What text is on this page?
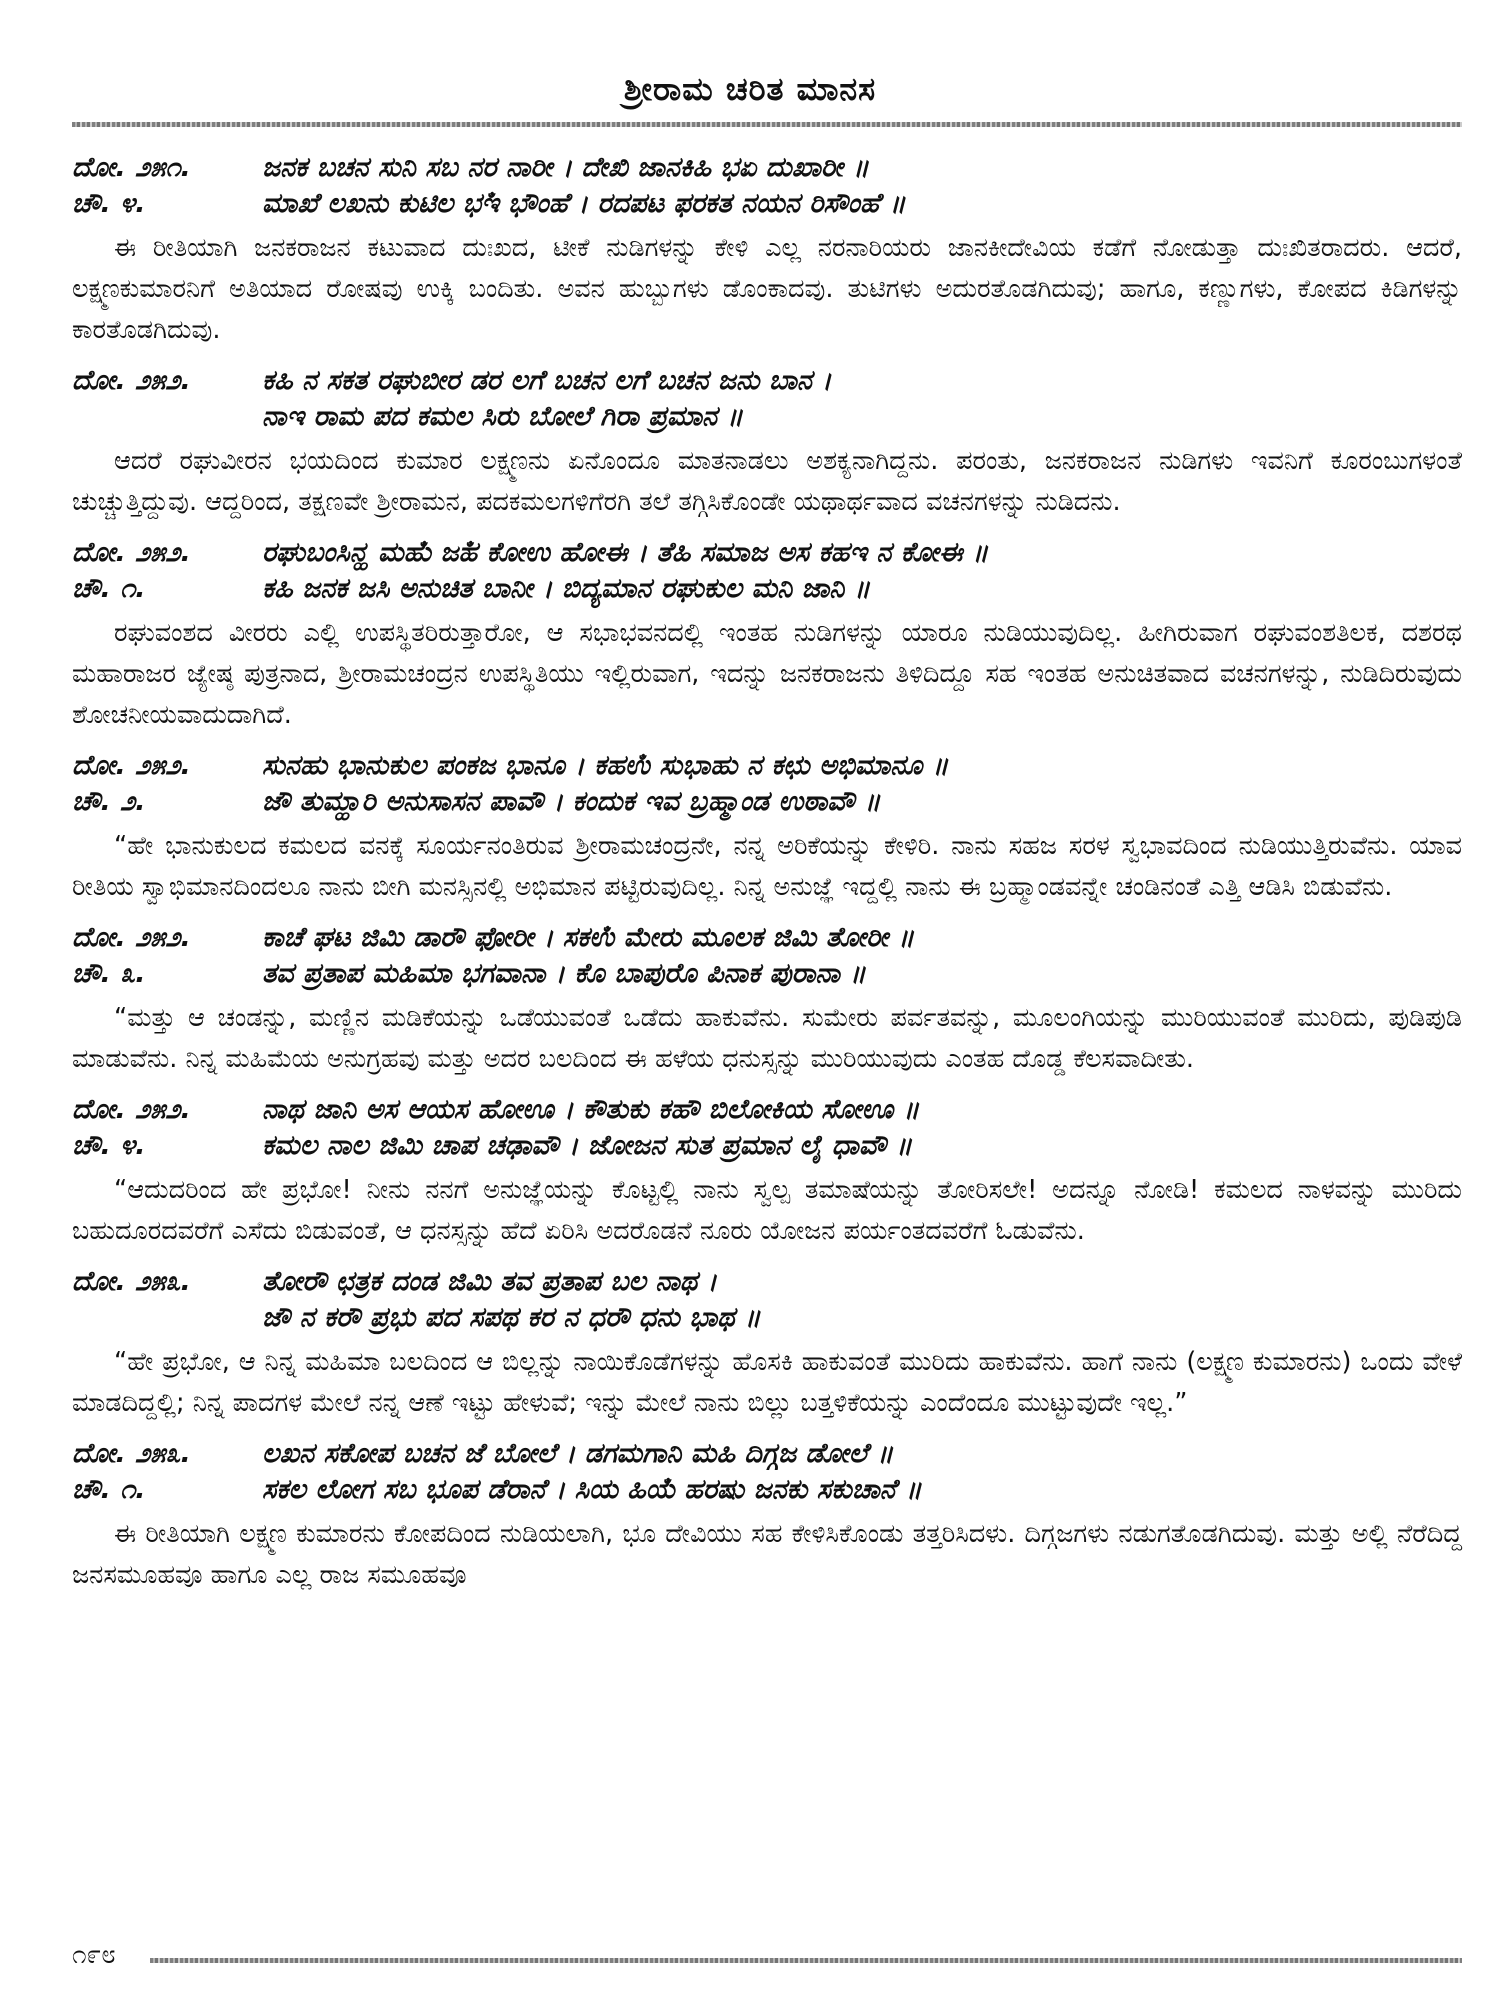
ಶ್ರೀರಾಮ ಚರಿತ ಮಾನಸ
ದೋ. ೨೫೧.	ಜನಕ ಬಚನ ಸುನಿ ಸಬ ನರ ನಾರೀ । ದೇಖಿ ಜಾನಕಿಹಿ ಭಏ ದುಖಾರೀ ॥
ಚೌ. ೪.	ಮಾಖೆ ಲಖನು ಕುಟಿಲ ಭಇಁ ಭೌಂಹೆ । ರದಪಟ ಫರಕತ ನಯನ ರಿಸೌಂಹೆ ॥

ಈ ರೀತಿಯಾಗಿ ಜನಕರಾಜನ ಕಟುವಾದ ದುಃಖದ, ಟೀಕೆ ನುಡಿಗಳನ್ನು ಕೇಳಿ ಎಲ್ಲ ನರನಾರಿಯರು ಜಾನಕೀದೇವಿಯ ಕಡೆಗೆ ನೋಡುತ್ತಾ ದುಃಖಿತರಾದರು. ಆದರೆ, ಲಕ್ಷ್ಮಣಕುಮಾರನಿಗೆ ಅತಿಯಾದ ರೋಷವು ಉಕ್ಕಿ ಬಂದಿತು. ಅವನ ಹುಬ್ಬುಗಳು ಡೊಂಕಾದವು. ತುಟಿಗಳು ಅದುರತೊಡಗಿದುವು; ಹಾಗೂ, ಕಣ್ಣುಗಳು, ಕೋಪದ ಕಿಡಿಗಳನ್ನು ಕಾರತೊಡಗಿದುವು.

ದೋ. ೨೫೨.	ಕಹಿ ನ ಸಕತ ರಘುಬೀರ ಡರ ಲಗೆ ಬಚನ ಲಗೆ ಬಚನ ಜನು ಬಾನ ।
ನಾಇ ರಾಮ ಪದ ಕಮಲ ಸಿರು ಬೋಲೆ ಗಿರಾ ಪ್ರಮಾನ ॥

ಆದರೆ ರಘುವೀರನ ಭಯದಿಂದ ಕುಮಾರ ಲಕ್ಷ್ಮಣನು ಏನೊಂದೂ ಮಾತನಾಡಲು ಅಶಕ್ಯನಾಗಿದ್ದನು. ಪರಂತು, ಜನಕರಾಜನ ನುಡಿಗಳು ಇವನಿಗೆ ಕೂರಂಬುಗಳಂತೆ ಚುಚ್ಚುತ್ತಿದ್ದುವು. ಆದ್ದರಿಂದ, ತಕ್ಷಣವೇ ಶ್ರೀರಾಮನ, ಪದಕಮಲಗಳಿಗೆರಗಿ ತಲೆ ತಗ್ಗಿಸಿಕೊಂಡೇ ಯಥಾರ್ಥವಾದ ವಚನಗಳನ್ನು ನುಡಿದನು.

ದೋ. ೨೫೨.	ರಘುಬಂಸಿನ್ಹ ಮಹುಁ ಜಹಁ ಕೋಉ ಹೋಈ । ತೆಹಿ ಸಮಾಜ ಅಸ ಕಹಇ ನ ಕೋಈ ॥
ಚೌ. ೧.	ಕಹಿ ಜನಕ ಜಸಿ ಅನುಚಿತ ಬಾನೀ । ಬಿದ್ಯಮಾನ ರಘುಕುಲ ಮನಿ ಜಾನಿ ॥

ರಘುವಂಶದ ವೀರರು ಎಲ್ಲಿ ಉಪಸ್ಥಿತರಿರುತ್ತಾರೋ, ಆ ಸಭಾಭವನದಲ್ಲಿ ಇಂತಹ ನುಡಿಗಳನ್ನು ಯಾರೂ ನುಡಿಯುವುದಿಲ್ಲ. ಹೀಗಿರುವಾಗ ರಘುವಂಶತಿಲಕ, ದಶರಥ ಮಹಾರಾಜರ ಜ್ಯೇಷ್ಠ ಪುತ್ರನಾದ, ಶ್ರೀರಾಮಚಂದ್ರನ ಉಪಸ್ಥಿತಿಯು ಇಲ್ಲಿರುವಾಗ, ಇದನ್ನು ಜನಕರಾಜನು ತಿಳಿದಿದ್ದೂ ಸಹ ಇಂತಹ ಅನುಚಿತವಾದ ವಚನಗಳನ್ನು, ನುಡಿದಿರುವುದು ಶೋಚನೀಯವಾದುದಾಗಿದೆ.

ದೋ. ೨೫೨.	ಸುನಹು ಭಾನುಕುಲ ಪಂಕಜ ಭಾನೂ । ಕಹಉಁ ಸುಭಾಹು ನ ಕಛು ಅಭಿಮಾನೂ ॥
ಚೌ. ೨.	ಜೌ ತುಮ್ಹಾರಿ ಅನುಸಾಸನ ಪಾವೌ । ಕಂದುಕ ಇವ ಬ್ರಹ್ಮಾಂಡ ಉಠಾವೌ ॥

“ಹೇ ಭಾನುಕುಲದ ಕಮಲದ ವನಕ್ಕೆ ಸೂರ್ಯನಂತಿರುವ ಶ್ರೀರಾಮಚಂದ್ರನೇ, ನನ್ನ ಅರಿಕೆಯನ್ನು ಕೇಳಿರಿ. ನಾನು ಸಹಜ ಸರಳ ಸ್ವಭಾವದಿಂದ ನುಡಿಯುತ್ತಿರುವೆನು. ಯಾವ ರೀತಿಯ ಸ್ವಾಭಿಮಾನದಿಂದಲೂ ನಾನು ಬೀಗಿ ಮನಸ್ಸಿನಲ್ಲಿ ಅಭಿಮಾನ ಪಟ್ಟಿರುವುದಿಲ್ಲ. ನಿನ್ನ ಅನುಜ್ಞೆ ಇದ್ದಲ್ಲಿ ನಾನು ಈ ಬ್ರಹ್ಮಾಂಡವನ್ನೇ ಚಂಡಿನಂತೆ ಎತ್ತಿ ಆಡಿಸಿ ಬಿಡುವೆನು.

ದೋ. ೨೫೨.	ಕಾಚೆ ಘಟ ಜಿಮಿ ಡಾರೌ ಫೋರೀ । ಸಕಉಁ ಮೇರು ಮೂಲಕ ಜಿಮಿ ತೋರೀ ॥
ಚೌ. ೩.	ತವ ಪ್ರತಾಪ ಮಹಿಮಾ ಭಗವಾನಾ । ಕೊ ಬಾಪುರೊ ಪಿನಾಕ ಪುರಾನಾ ॥

“ಮತ್ತು ಆ ಚಂಡನ್ನು, ಮಣ್ಣಿನ ಮಡಿಕೆಯನ್ನು ಒಡೆಯುವಂತೆ ಒಡೆದು ಹಾಕುವೆನು. ಸುಮೇರು ಪರ್ವತವನ್ನು, ಮೂಲಂಗಿಯನ್ನು ಮುರಿಯುವಂತೆ ಮುರಿದು, ಪುಡಿಪುಡಿ ಮಾಡುವೆನು. ನಿನ್ನ ಮಹಿಮೆಯ ಅನುಗ್ರಹವು ಮತ್ತು ಅದರ ಬಲದಿಂದ ಈ ಹಳೆಯ ಧನುಸ್ಸನ್ನು ಮುರಿಯುವುದು ಎಂತಹ ದೊಡ್ಡ ಕೆಲಸವಾದೀತು.

ದೋ. ೨೫೨.	ನಾಥ ಜಾನಿ ಅಸ ಆಯಸ ಹೋಊ । ಕೌತುಕು ಕಹೌ ಬಿಲೋಕಿಯ ಸೋಊ ॥
ಚೌ. ೪.	ಕಮಲ ನಾಲ ಜಿಮಿ ಚಾಪ ಚಢಾವೌ । ಜೋಜನ ಸುತ ಪ್ರಮಾನ ಲೈ ಧಾವೌ ॥

“ಆದುದರಿಂದ ಹೇ ಪ್ರಭೋ! ನೀನು ನನಗೆ ಅನುಜ್ಞೆಯನ್ನು ಕೊಟ್ಟಲ್ಲಿ ನಾನು ಸ್ವಲ್ಪ ತಮಾಷೆಯನ್ನು ತೋರಿಸಲೇ! ಅದನ್ನೂ ನೋಡಿ! ಕಮಲದ ನಾಳವನ್ನು ಮುರಿದು ಬಹುದೂರದವರೆಗೆ ಎಸೆದು ಬಿಡುವಂತೆ, ಆ ಧನಸ್ಸನ್ನು ಹೆದೆ ಏರಿಸಿ ಅದರೊಡನೆ ನೂರು ಯೋಜನ ಪರ್ಯಂತದವರೆಗೆ ಓಡುವೆನು.

ದೋ. ೨೫೩.	ತೋರೌ ಛತ್ರಕ ದಂಡ ಜಿಮಿ ತವ ಪ್ರತಾಪ ಬಲ ನಾಥ ।
ಜೌ ನ ಕರೌ ಪ್ರಭು ಪದ ಸಪಥ ಕರ ನ ಧರೌ ಧನು ಭಾಥ ॥

“ಹೇ ಪ್ರಭೋ, ಆ ನಿನ್ನ ಮಹಿಮಾ ಬಲದಿಂದ ಆ ಬಿಲ್ಲನ್ನು ನಾಯಿಕೊಡೆಗಳನ್ನು ಹೊಸಕಿ ಹಾಕುವಂತೆ ಮುರಿದು ಹಾಕುವೆನು. ಹಾಗೆ ನಾನು (ಲಕ್ಷ್ಮಣ ಕುಮಾರನು) ಒಂದು ವೇಳೆ ಮಾಡದಿದ್ದಲ್ಲಿ; ನಿನ್ನ ಪಾದಗಳ ಮೇಲೆ ನನ್ನ ಆಣೆ ಇಟ್ಟು ಹೇಳುವೆ; ಇನ್ನು ಮೇಲೆ ನಾನು ಬಿಲ್ಲು ಬತ್ತಳಿಕೆಯನ್ನು ಎಂದೆಂದೂ ಮುಟ್ಟುವುದೇ ಇಲ್ಲ.”

ದೋ. ೨೫೩.	ಲಖನ ಸಕೋಪ ಬಚನ ಜೆ ಬೋಲೆ । ಡಗಮಗಾನಿ ಮಹಿ ದಿಗ್ಗಜ ಡೋಲೆ ॥
ಚೌ. ೧.	ಸಕಲ ಲೋಗ ಸಬ ಭೂಪ ಡೆರಾನೆ । ಸಿಯ ಹಿಯಁ ಹರಷು ಜನಕು ಸಕುಚಾನೆ ॥

ಈ ರೀತಿಯಾಗಿ ಲಕ್ಷ್ಮಣ ಕುಮಾರನು ಕೋಪದಿಂದ ನುಡಿಯಲಾಗಿ, ಭೂ ದೇವಿಯು ಸಹ ಕೇಳಿಸಿಕೊಂಡು ತತ್ತರಿಸಿದಳು. ದಿಗ್ಗಜಗಳು ನಡುಗತೊಡಗಿದುವು. ಮತ್ತು ಅಲ್ಲಿ ನೆರೆದಿದ್ದ ಜನಸಮೂಹವೂ ಹಾಗೂ ಎಲ್ಲ ರಾಜ ಸಮೂಹವೂ

೧೯೮
